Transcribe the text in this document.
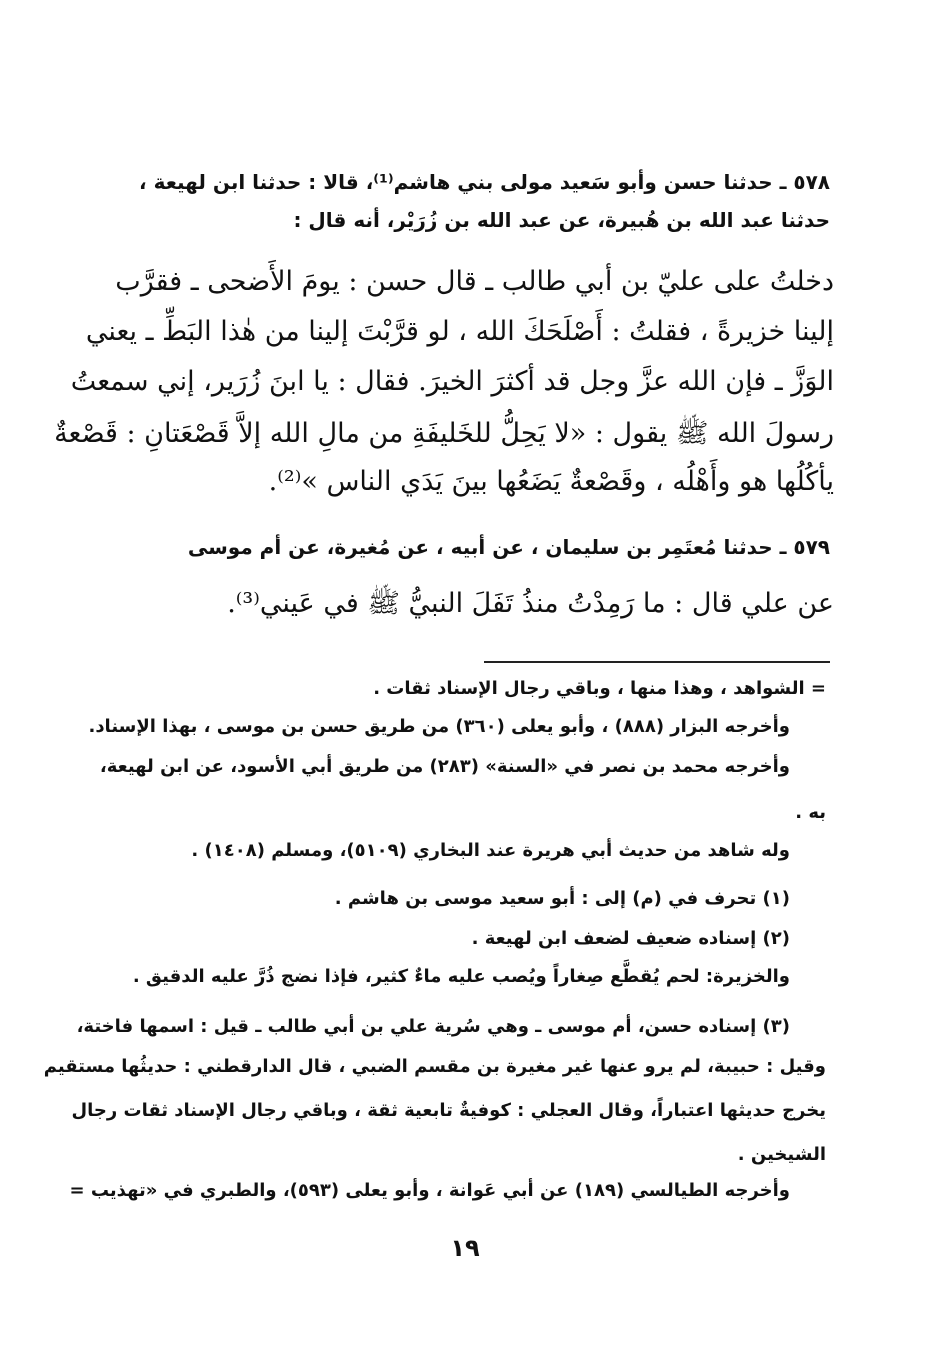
٥٧٨ ـ حدثنا حسن وأبو سَعيد مولى بني هاشم⁽¹⁾، قالا : حدثنا ابن لهيعة ،
حدثنا عبد الله بن هُبيرة، عن عبد الله بن زُرَيْر، أنه قال :
دخلتُ على عليّ بن أبي طالب ـ قال حسن : يومَ الأَضحى ـ فقرَّب
إلينا خزيرةً ، فقلتُ : أَصْلَحَكَ الله ، لو قرَّبْتَ إلينا من هٰذا البَطِّ ـ يعني
الوَزَّ ـ فإن الله عزَّ وجل قد أكثرَ الخيرَ. فقال : يا ابنَ زُرَير، إني سمعتُ
رسولَ الله ﷺ يقول : «لا يَحِلُّ للخَليفَةِ من مالِ الله إلاَّ قَصْعَتانِ : قَصْعةٌ
يأكُلُها هو وأَهْلُه ، وقَصْعةٌ يَضَعُها بينَ يَدَي الناس »⁽²⁾.
٥٧٩ ـ حدثنا مُعتَمِر بن سليمان ، عن أبيه ، عن مُغيرة، عن أم موسى
عن علي قال : ما رَمِدْتُ منذُ تَفَلَ النبيُّ ﷺ في عَيني⁽³⁾.
= الشواهد ، وهذا منها ، وباقي رجال الإسناد ثقات .
وأخرجه البزار (٨٨٨) ، وأبو يعلى (٣٦٠) من طريق حسن بن موسى ، بهذا الإسناد.
وأخرجه محمد بن نصر في «السنة» (٢٨٣) من طريق أبي الأسود، عن ابن لهيعة،
به .
وله شاهد من حديث أبي هريرة عند البخاري (٥١٠٩)، ومسلم (١٤٠٨) .
(١) تحرف في (م) إلى : أبو سعيد موسى بن هاشم .
(٢) إسناده ضعيف لضعف ابن لهيعة .
والخزيرة: لحم يُقطَّع صِغاراً ويُصب عليه ماءٌ كثير، فإذا نضج ذُرَّ عليه الدقيق .
(٣) إسناده حسن، أم موسى ـ وهي سُرية علي بن أبي طالب ـ قيل : اسمها فاختة،
وقيل : حبيبة، لم يرو عنها غير مغيرة بن مقسم الضبي ، قال الدارقطني : حديثُها مستقيم
يخرج حديثها اعتباراً، وقال العجلي : كوفيةٌ تابعية ثقة ، وباقي رجال الإسناد ثقات رجال
الشيخين .
وأخرجه الطيالسي (١٨٩) عن أبي عَوانة ، وأبو يعلى (٥٩٣)، والطبري في «تهذيب =
١٩
